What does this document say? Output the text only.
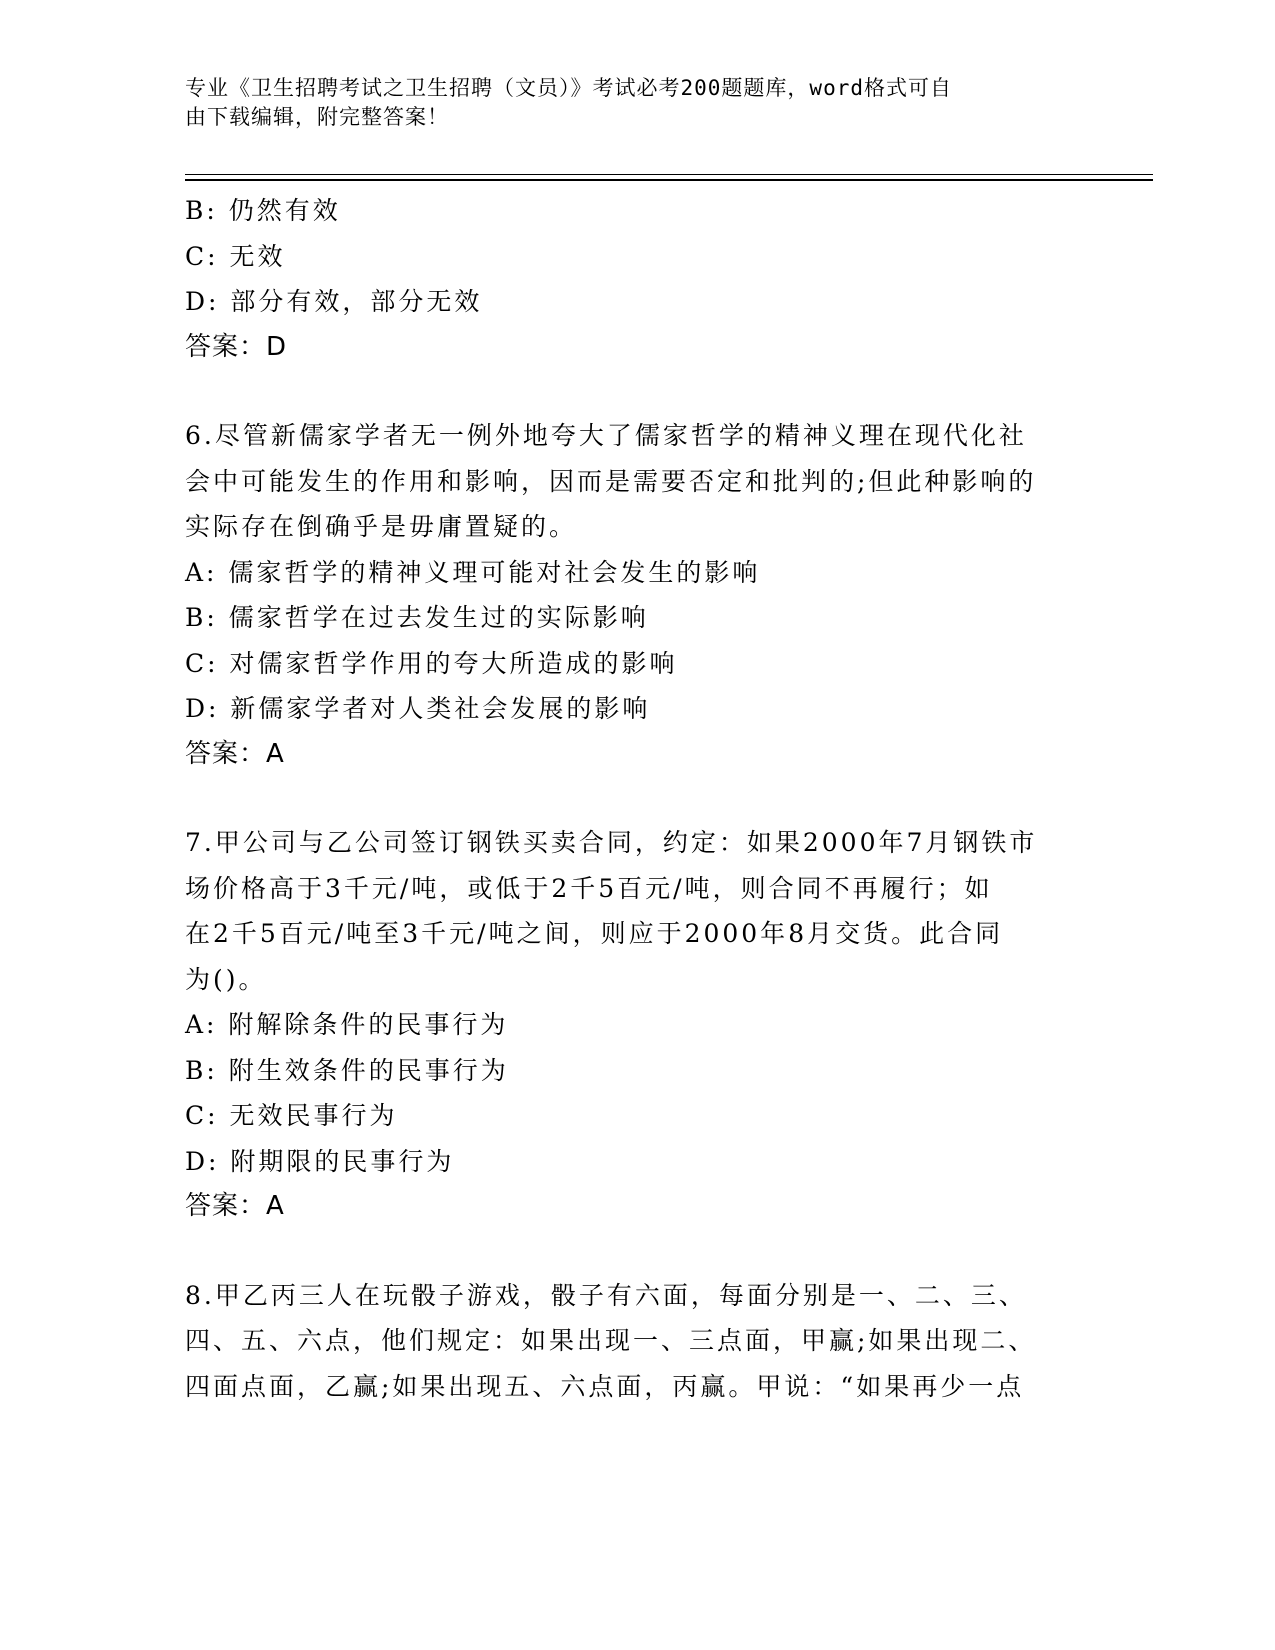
专业《卫生招聘考试之卫生招聘（文员）》考试必考200题题库，word格式可自
由下载编辑，附完整答案！
B: 仍然有效
C: 无效
D: 部分有效，部分无效
答案：D
6.尽管新儒家学者无一例外地夸大了儒家哲学的精神义理在现代化社
会中可能发生的作用和影响，因而是需要否定和批判的;但此种影响的
实际存在倒确乎是毋庸置疑的。
A: 儒家哲学的精神义理可能对社会发生的影响
B: 儒家哲学在过去发生过的实际影响
C: 对儒家哲学作用的夸大所造成的影响
D: 新儒家学者对人类社会发展的影响
答案：A
7.甲公司与乙公司签订钢铁买卖合同，约定：如果2000年7月钢铁市
场价格高于3千元/吨，或低于2千5百元/吨，则合同不再履行；如
在2千5百元/吨至3千元/吨之间，则应于2000年8月交货。此合同
为()。
A: 附解除条件的民事行为
B: 附生效条件的民事行为
C: 无效民事行为
D: 附期限的民事行为
答案：A
8.甲乙丙三人在玩骰子游戏，骰子有六面，每面分别是一、二、三、
四、五、六点，他们规定：如果出现一、三点面，甲赢;如果出现二、
四面点面，乙赢;如果出现五、六点面，丙赢。甲说：“如果再少一点
